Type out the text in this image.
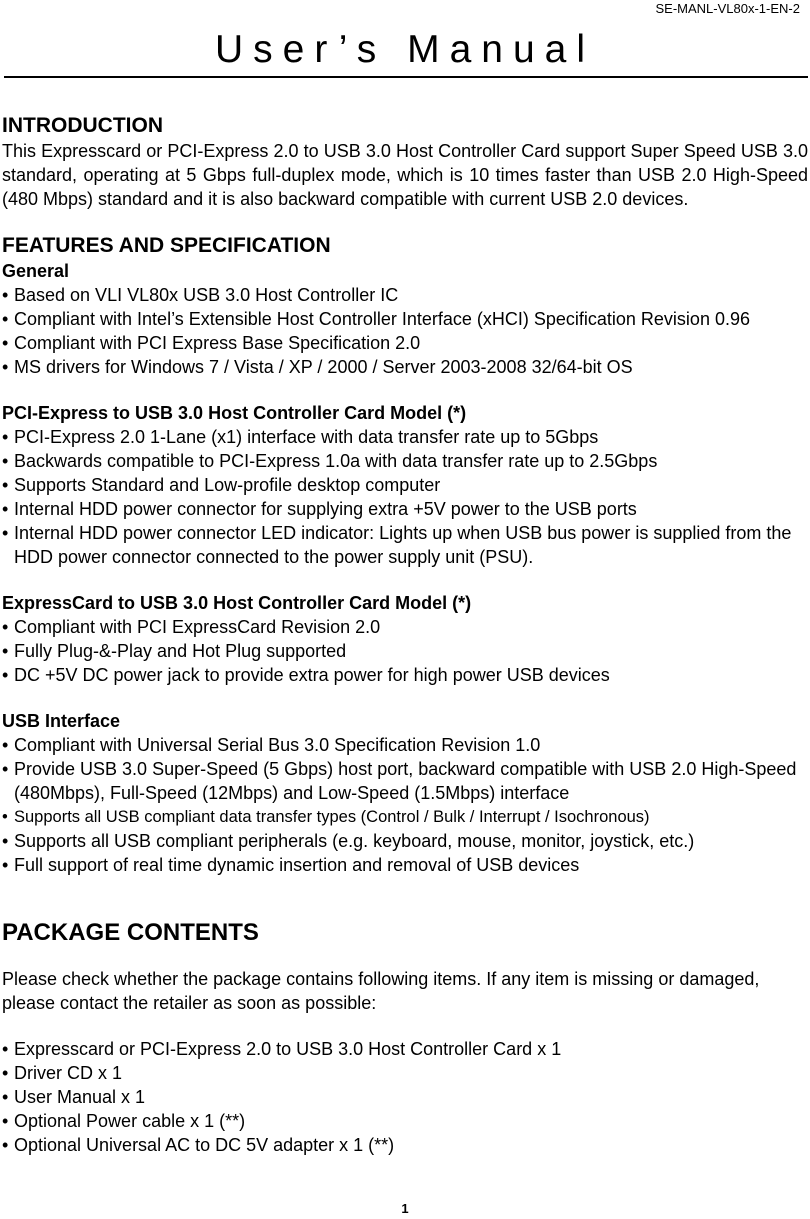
SE-MANL-VL80x-1-EN-2
User’s Manual
INTRODUCTION

This Expresscard or PCI-Express 2.0 to USB 3.0 Host Controller Card support Super Speed USB 3.0 standard, operating at 5 Gbps full-duplex mode, which is 10 times faster than USB 2.0 High-Speed (480 Mbps) standard and it is also backward compatible with current USB 2.0 devices.

FEATURES AND SPECIFICATION
General
• Based on VLI VL80x USB 3.0 Host Controller IC
• Compliant with Intel’s Extensible Host Controller Interface (xHCI) Specification Revision 0.96
• Compliant with PCI Express Base Specification 2.0
• MS drivers for Windows 7 / Vista / XP / 2000 / Server 2003-2008 32/64-bit OS
PCI-Express to USB 3.0 Host Controller Card Model (*)
• PCI-Express 2.0 1-Lane (x1) interface with data transfer rate up to 5Gbps
• Backwards compatible to PCI-Express 1.0a with data transfer rate up to 2.5Gbps
• Supports Standard and Low-profile desktop computer
• Internal HDD power connector for supplying extra +5V power to the USB ports
• Internal HDD power connector LED indicator: Lights up when USB bus power is supplied from the HDD power connector connected to the power supply unit (PSU).
ExpressCard to USB 3.0 Host Controller Card Model (*)
• Compliant with PCI ExpressCard Revision 2.0
• Fully Plug-&-Play and Hot Plug supported
• DC +5V DC power jack to provide extra power for high power USB devices
USB Interface
• Compliant with Universal Serial Bus 3.0 Specification Revision 1.0
• Provide USB 3.0 Super-Speed (5 Gbps) host port, backward compatible with USB 2.0 High-Speed (480Mbps), Full-Speed (12Mbps) and Low-Speed (1.5Mbps) interface
• Supports all USB compliant data transfer types (Control / Bulk / Interrupt / Isochronous)
• Supports all USB compliant peripherals (e.g. keyboard, mouse, monitor, joystick, etc.)
• Full support of real time dynamic insertion and removal of USB devices
PACKAGE CONTENTS

Please check whether the package contains following items. If any item is missing or damaged, please contact the retailer as soon as possible:

• Expresscard or PCI-Express 2.0 to USB 3.0 Host Controller Card x 1
• Driver CD x 1
• User Manual x 1
• Optional Power cable x 1 (**)
• Optional Universal AC to DC 5V adapter x 1 (**)
1
